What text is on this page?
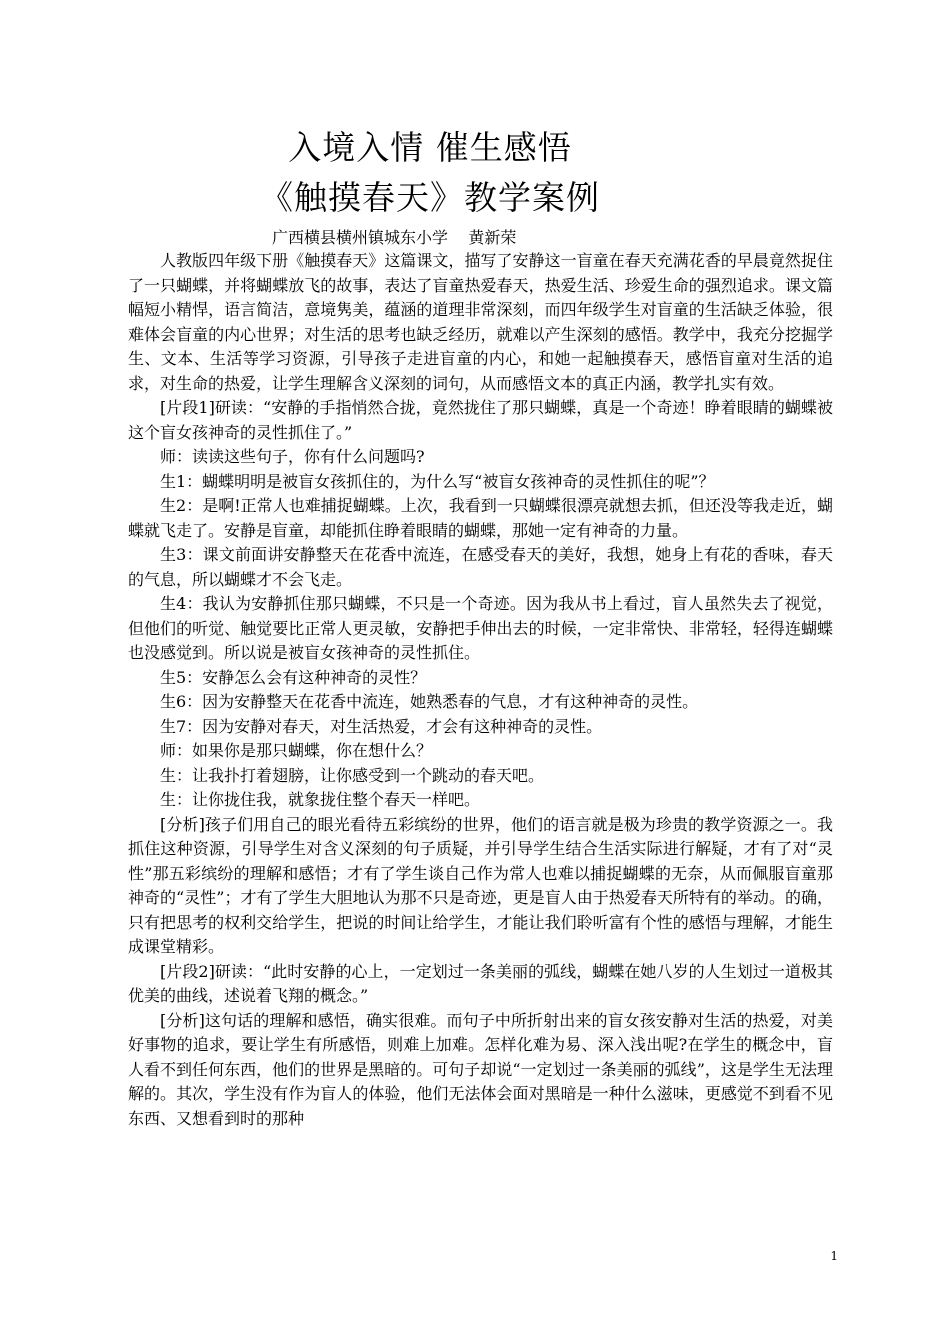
入境入情 催生感悟
《触摸春天》教学案例
广西横县横州镇城东小学    黄新荣

人教版四年级下册《触摸春天》这篇课文，描写了安静这一盲童在春天充满花香的早晨竟然捉住了一只蝴蝶，并将蝴蝶放飞的故事，表达了盲童热爱春天，热爱生活、珍爱生命的强烈追求。课文篇幅短小精悍，语言简洁，意境隽美，蕴涵的道理非常深刻，而四年级学生对盲童的生活缺乏体验，很难体会盲童的内心世界；对生活的思考也缺乏经历，就难以产生深刻的感悟。教学中，我充分挖掘学生、文本、生活等学习资源，引导孩子走进盲童的内心，和她一起触摸春天，感悟盲童对生活的追求，对生命的热爱，让学生理解含义深刻的词句，从而感悟文本的真正内涵，教学扎实有效。

[片段1]研读：“安静的手指悄然合拢，竟然拢住了那只蝴蝶，真是一个奇迹！睁着眼睛的蝴蝶被这个盲女孩神奇的灵性抓住了。”

师：读读这些句子，你有什么问题吗?

生1：蝴蝶明明是被盲女孩抓住的，为什么写“被盲女孩神奇的灵性抓住的呢”？

生2：是啊!正常人也难捕捉蝴蝶。上次，我看到一只蝴蝶很漂亮就想去抓，但还没等我走近，蝴蝶就飞走了。安静是盲童，却能抓住睁着眼睛的蝴蝶，那她一定有神奇的力量。

生3：课文前面讲安静整天在花香中流连，在感受春天的美好，我想，她身上有花的香味，春天的气息，所以蝴蝶才不会飞走。

生4：我认为安静抓住那只蝴蝶，不只是一个奇迹。因为我从书上看过，盲人虽然失去了视觉，但他们的听觉、触觉要比正常人更灵敏，安静把手伸出去的时候，一定非常快、非常轻，轻得连蝴蝶也没感觉到。所以说是被盲女孩神奇的灵性抓住。

生5：安静怎么会有这种神奇的灵性？

生6：因为安静整天在花香中流连，她熟悉春的气息，才有这种神奇的灵性。

生7：因为安静对春天，对生活热爱，才会有这种神奇的灵性。

师：如果你是那只蝴蝶，你在想什么？

生：让我扑打着翅膀，让你感受到一个跳动的春天吧。

生：让你拢住我，就象拢住整个春天一样吧。

[分析]孩子们用自己的眼光看待五彩缤纷的世界，他们的语言就是极为珍贵的教学资源之一。我抓住这种资源，引导学生对含义深刻的句子质疑，并引导学生结合生活实际进行解疑，才有了对“灵性”那五彩缤纷的理解和感悟；才有了学生谈自己作为常人也难以捕捉蝴蝶的无奈，从而佩服盲童那神奇的“灵性”；才有了学生大胆地认为那不只是奇迹，更是盲人由于热爱春天所特有的举动。的确，只有把思考的权利交给学生，把说的时间让给学生，才能让我们聆听富有个性的感悟与理解，才能生成课堂精彩。

[片段2]研读：“此时安静的心上，一定划过一条美丽的弧线，蝴蝶在她八岁的人生划过一道极其优美的曲线，述说着飞翔的概念。”

[分析]这句话的理解和感悟，确实很难。而句子中所折射出来的盲女孩安静对生活的热爱，对美好事物的追求，要让学生有所感悟，则难上加难。怎样化难为易、深入浅出呢?在学生的概念中，盲人看不到任何东西，他们的世界是黑暗的。可句子却说“一定划过一条美丽的弧线”，这是学生无法理解的。其次，学生没有作为盲人的体验，他们无法体会面对黑暗是一种什么滋味，更感觉不到看不见东西、又想看到时的那种

1
